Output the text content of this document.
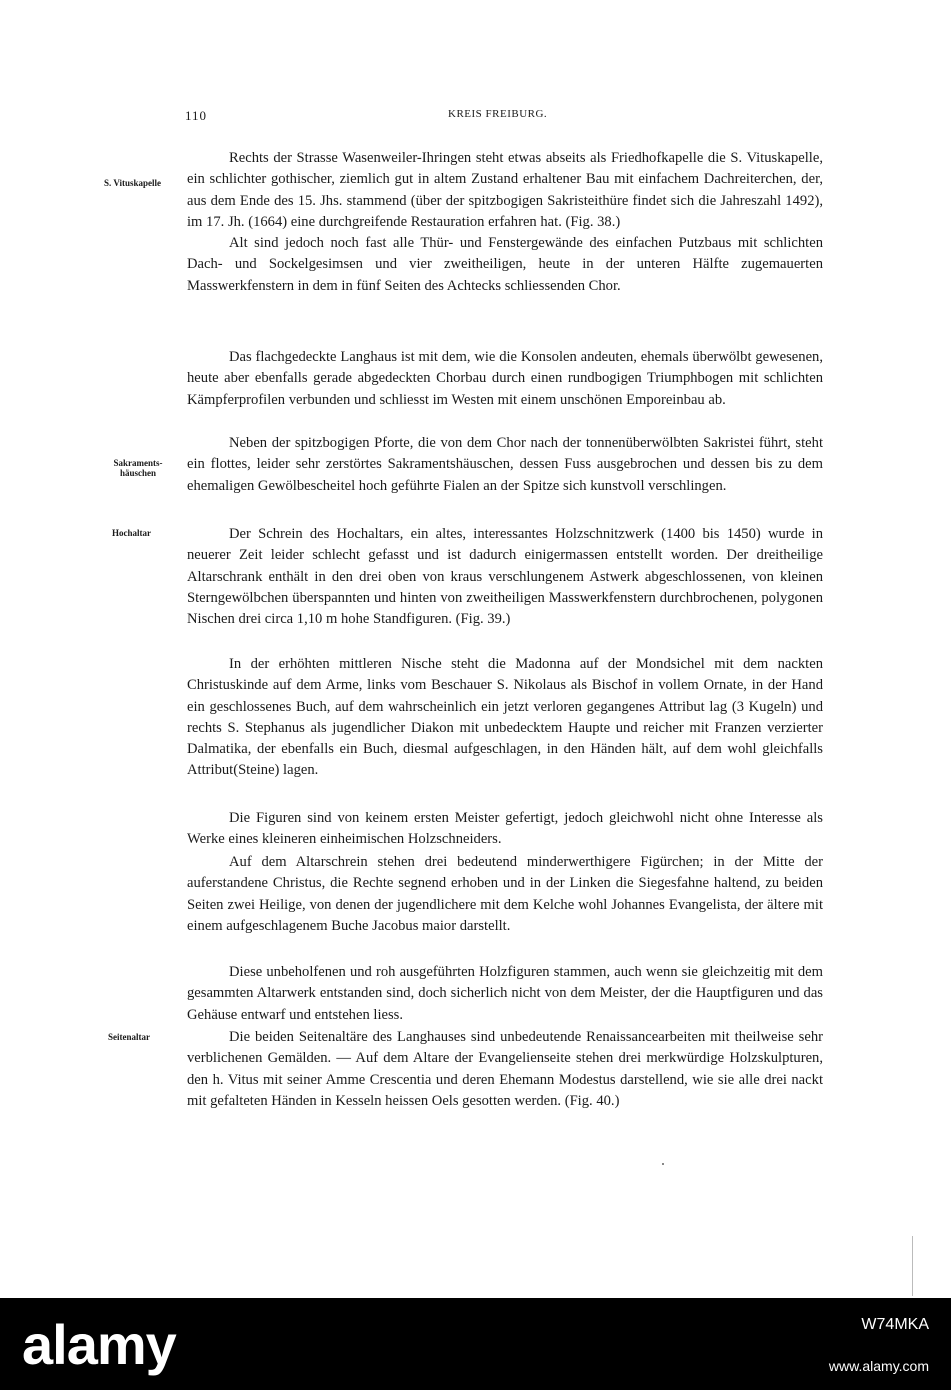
110	KREIS FREIBURG.
S. Vituskapelle
Sakraments- häuschen
Hochaltar
Seitenaltar

Rechts der Strasse Wasenweiler-Ihringen steht etwas abseits als Friedhofkapelle die S. Vituskapelle, ein schlichter gothischer, ziemlich gut in altem Zustand erhaltener Bau mit einfachem Dachreiterchen, der, aus dem Ende des 15. Jhs. stammend (über der spitzbogigen Sakristeithüre findet sich die Jahreszahl 1492), im 17. Jh. (1664) eine durchgreifende Restauration erfahren hat. (Fig. 38.)

Alt sind jedoch noch fast alle Thür- und Fenstergewände des einfachen Putzbaus mit schlichten Dach- und Sockelgesimsen und vier zweitheiligen, heute in der unteren Hälfte zugemauerten Masswerkfenstern in dem in fünf Seiten des Achtecks schliessenden Chor.

Das flachgedeckte Langhaus ist mit dem, wie die Konsolen andeuten, ehemals überwölbt gewesenen, heute aber ebenfalls gerade abgedeckten Chorbau durch einen rundbogigen Triumphbogen mit schlichten Kämpferprofilen verbunden und schliesst im Westen mit einem unschönen Emporeinbau ab.

Neben der spitzbogigen Pforte, die von dem Chor nach der tonnenüberwölbten Sakristei führt, steht ein flottes, leider sehr zerstörtes Sakramentshäuschen, dessen Fuss ausgebrochen und dessen bis zu dem ehemaligen Gewölbescheitel hoch geführte Fialen an der Spitze sich kunstvoll verschlingen.

Der Schrein des Hochaltars, ein altes, interessantes Holzschnitzwerk (1400 bis 1450) wurde in neuerer Zeit leider schlecht gefasst und ist dadurch einigermassen entstellt worden. Der dreitheilige Altarschrank enthält in den drei oben von kraus verschlungenem Astwerk abgeschlossenen, von kleinen Sterngewölbchen überspannten und hinten von zweitheiligen Masswerkfenstern durchbrochenen, polygonen Nischen drei circa 1,10 m hohe Standfiguren. (Fig. 39.)

In der erhöhten mittleren Nische steht die Madonna auf der Mondsichel mit dem nackten Christuskinde auf dem Arme, links vom Beschauer S. Nikolaus als Bischof in vollem Ornate, in der Hand ein geschlossenes Buch, auf dem wahrscheinlich ein jetzt verloren gegangenes Attribut lag (3 Kugeln) und rechts S. Stephanus als jugendlicher Diakon mit unbedecktem Haupte und reicher mit Franzen verzierter Dalmatika, der ebenfalls ein Buch, diesmal aufgeschlagen, in den Händen hält, auf dem wohl gleichfalls Attribut(Steine) lagen.

Die Figuren sind von keinem ersten Meister gefertigt, jedoch gleichwohl nicht ohne Interesse als Werke eines kleineren einheimischen Holzschneiders.

Auf dem Altarschrein stehen drei bedeutend minderwerthigere Figürchen; in der Mitte der auferstandene Christus, die Rechte segnend erhoben und in der Linken die Siegesfahne haltend, zu beiden Seiten zwei Heilige, von denen der jugendlichere mit dem Kelche wohl Johannes Evangelista, der ältere mit einem aufgeschlagenem Buche Jacobus maior darstellt.

Diese unbeholfenen und roh ausgeführten Holzfiguren stammen, auch wenn sie gleichzeitig mit dem gesammten Altarwerk entstanden sind, doch sicherlich nicht von dem Meister, der die Hauptfiguren und das Gehäuse entwarf und entstehen liess.

Die beiden Seitenaltäre des Langhauses sind unbedeutende Renaissancearbeiten mit theilweise sehr verblichenen Gemälden. — Auf dem Altare der Evangelienseite stehen drei merkwürdige Holzskulpturen, den h. Vitus mit seiner Amme Crescentia und deren Ehemann Modestus darstellend, wie sie alle drei nackt mit gefalteten Händen in Kesseln heissen Oels gesotten werden. (Fig. 40.)

alamy	W74MKA
www.alamy.com
